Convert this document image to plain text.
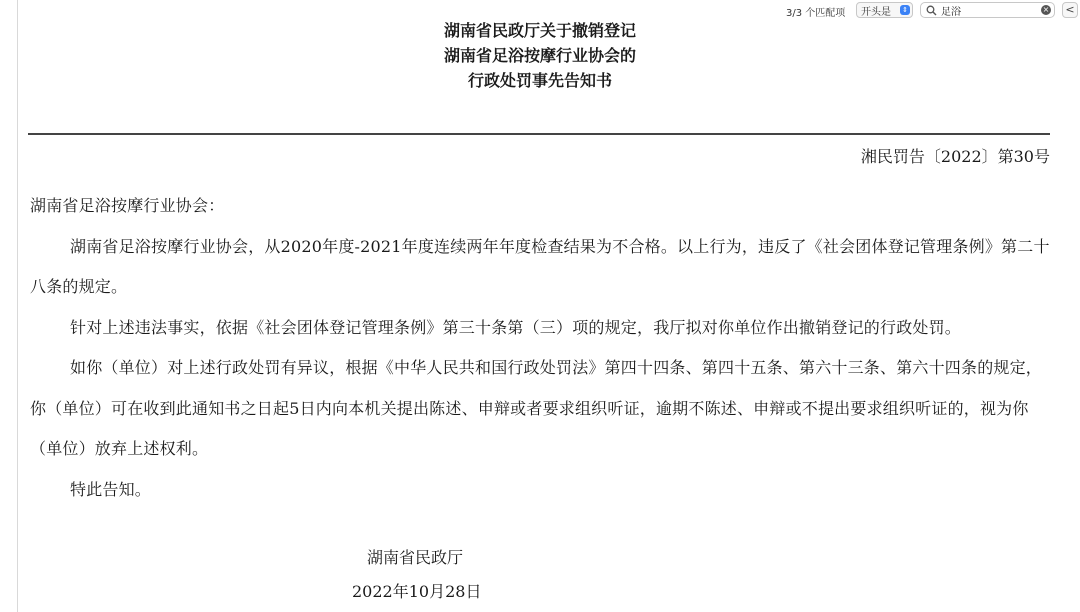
3/3 个匹配项 开头是 ⇕
足浴	×	<
湖南省民政厅关于撤销登记
湖南省足浴按摩行业协会的
行政处罚事先告知书
湘民罚告〔2022〕第30号

湖南省足浴按摩行业协会：

湖南省足浴按摩行业协会，从2020年度-2021年度连续两年年度检查结果为不合格。以上行为，违反了《社会团体登记管理条例》第二十八条的规定。

针对上述违法事实，依据《社会团体登记管理条例》第三十条第（三）项的规定，我厅拟对你单位作出撤销登记的行政处罚。

如你（单位）对上述行政处罚有异议，根据《中华人民共和国行政处罚法》第四十四条、第四十五条、第六十三条、第六十四条的规定，你（单位）可在收到此通知书之日起5日内向本机关提出陈述、申辩或者要求组织听证，逾期不陈述、申辩或不提出要求组织听证的，视为你（单位）放弃上述权利。

特此告知。

湖南省民政厅
2022年10月28日
